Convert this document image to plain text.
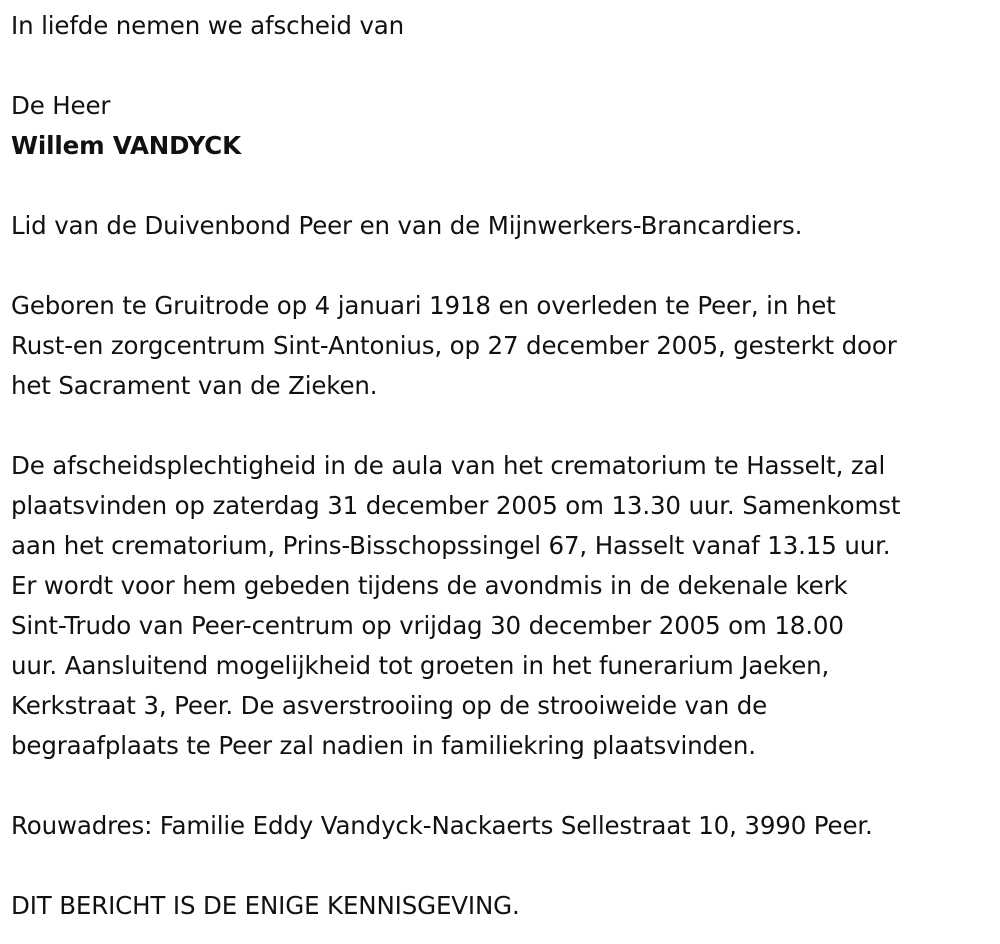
In liefde nemen we afscheid van
De Heer
Willem VANDYCK
Lid van de Duivenbond Peer en van de Mijnwerkers-Brancardiers.
Geboren te Gruitrode op 4 januari 1918 en overleden te Peer, in het
Rust-en zorgcentrum Sint-Antonius, op 27 december 2005, gesterkt door
het Sacrament van de Zieken.
De afscheidsplechtigheid in de aula van het crematorium te Hasselt, zal
plaatsvinden op zaterdag 31 december 2005 om 13.30 uur. Samenkomst
aan het crematorium, Prins-Bisschopssingel 67, Hasselt vanaf 13.15 uur.
Er wordt voor hem gebeden tijdens de avondmis in de dekenale kerk
Sint-Trudo van Peer-centrum op vrijdag 30 december 2005 om 18.00
uur. Aansluitend mogelijkheid tot groeten in het funerarium Jaeken,
Kerkstraat 3, Peer. De asverstrooiing op de strooiweide van de
begraafplaats te Peer zal nadien in familiekring plaatsvinden.
Rouwadres: Familie Eddy Vandyck-Nackaerts Sellestraat 10, 3990 Peer.
DIT BERICHT IS DE ENIGE KENNISGEVING.
